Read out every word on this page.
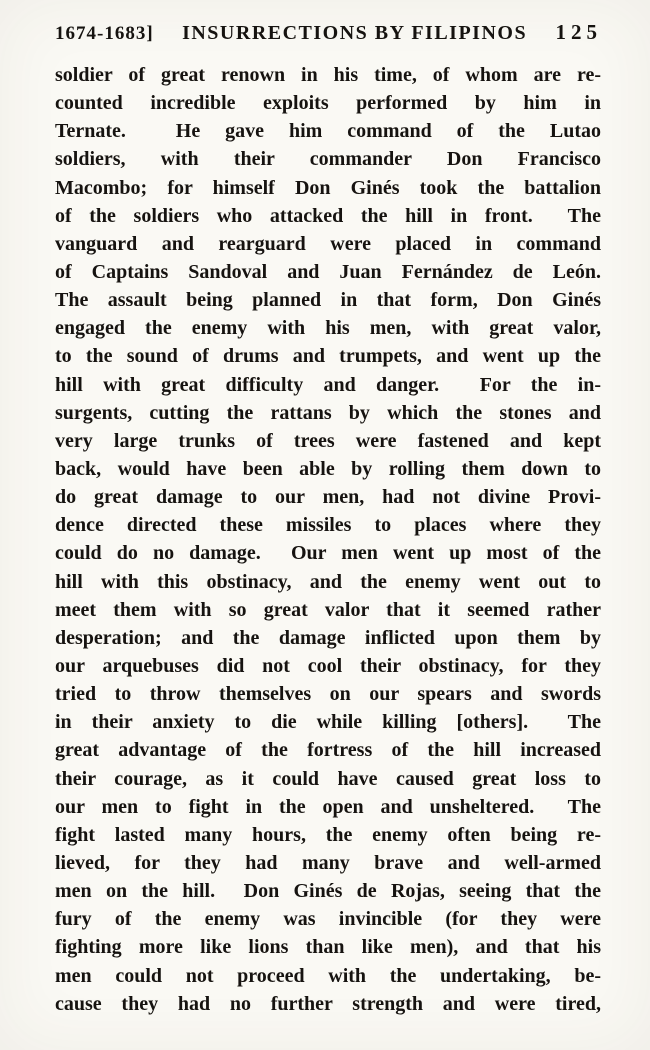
1674-1683] INSURRECTIONS BY FILIPINOS 125
soldier of great renown in his time, of whom are re-
counted incredible exploits performed by him in
Ternate.  He gave him command of the Lutao
soldiers, with their commander Don Francisco
Macombo; for himself Don Ginés took the battalion
of the soldiers who attacked the hill in front.  The
vanguard and rearguard were placed in command
of Captains Sandoval and Juan Fernández de León.
The assault being planned in that form, Don Ginés
engaged the enemy with his men, with great valor,
to the sound of drums and trumpets, and went up the
hill with great difficulty and danger.  For the in-
surgents, cutting the rattans by which the stones and
very large trunks of trees were fastened and kept
back, would have been able by rolling them down to
do great damage to our men, had not divine Provi-
dence directed these missiles to places where they
could do no damage.  Our men went up most of the
hill with this obstinacy, and the enemy went out to
meet them with so great valor that it seemed rather
desperation; and the damage inflicted upon them by
our arquebuses did not cool their obstinacy, for they
tried to throw themselves on our spears and swords
in their anxiety to die while killing [others].  The
great advantage of the fortress of the hill increased
their courage, as it could have caused great loss to
our men to fight in the open and unsheltered.  The
fight lasted many hours, the enemy often being re-
lieved, for they had many brave and well-armed
men on the hill.  Don Ginés de Rojas, seeing that the
fury of the enemy was invincible (for they were
fighting more like lions than like men), and that his
men could not proceed with the undertaking, be-
cause they had no further strength and were tired,
